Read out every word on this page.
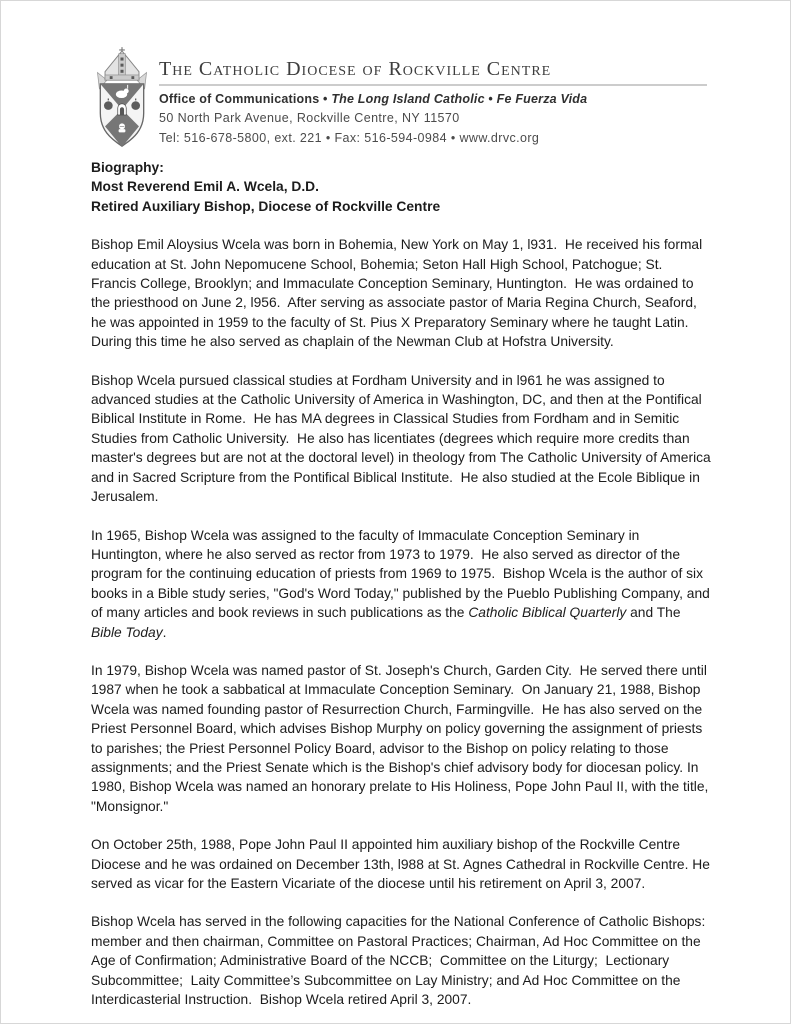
The Catholic Diocese of Rockville Centre
Office of Communications • The Long Island Catholic • Fe Fuerza Vida
50 North Park Avenue, Rockville Centre, NY 11570
Tel: 516-678-5800, ext. 221 • Fax: 516-594-0984 • www.drvc.org

Biography:

Most Reverend Emil A. Wcela, D.D.

Retired Auxiliary Bishop, Diocese of Rockville Centre

Bishop Emil Aloysius Wcela was born in Bohemia, New York on May 1, l931.  He received his formal education at St. John Nepomucene School, Bohemia; Seton Hall High School, Patchogue; St. Francis College, Brooklyn; and Immaculate Conception Seminary, Huntington.  He was ordained to the priesthood on June 2, l956.  After serving as associate pastor of Maria Regina Church, Seaford, he was appointed in 1959 to the faculty of St. Pius X Preparatory Seminary where he taught Latin.  During this time he also served as chaplain of the Newman Club at Hofstra University.

Bishop Wcela pursued classical studies at Fordham University and in l961 he was assigned to advanced studies at the Catholic University of America in Washington, DC, and then at the Pontifical Biblical Institute in Rome.  He has MA degrees in Classical Studies from Fordham and in Semitic Studies from Catholic University.  He also has licentiates (degrees which require more credits than master's degrees but are not at the doctoral level) in theology from The Catholic University of America and in Sacred Scripture from the Pontifical Biblical Institute.  He also studied at the Ecole Biblique in Jerusalem.

In 1965, Bishop Wcela was assigned to the faculty of Immaculate Conception Seminary in Huntington, where he also served as rector from 1973 to 1979.  He also served as director of the program for the continuing education of priests from 1969 to 1975.  Bishop Wcela is the author of six books in a Bible study series, "God's Word Today," published by the Pueblo Publishing Company, and of many articles and book reviews in such publications as the Catholic Biblical Quarterly and The Bible Today.

In 1979, Bishop Wcela was named pastor of St. Joseph's Church, Garden City.  He served there until 1987 when he took a sabbatical at Immaculate Conception Seminary.  On January 21, 1988, Bishop Wcela was named founding pastor of Resurrection Church, Farmingville.  He has also served on the Priest Personnel Board, which advises Bishop Murphy on policy governing the assignment of priests to parishes; the Priest Personnel Policy Board, advisor to the Bishop on policy relating to those assignments; and the Priest Senate which is the Bishop's chief advisory body for diocesan policy. In 1980, Bishop Wcela was named an honorary prelate to His Holiness, Pope John Paul II, with the title, "Monsignor."

On October 25th, 1988, Pope John Paul II appointed him auxiliary bishop of the Rockville Centre Diocese and he was ordained on December 13th, l988 at St. Agnes Cathedral in Rockville Centre. He served as vicar for the Eastern Vicariate of the diocese until his retirement on April 3, 2007.

Bishop Wcela has served in the following capacities for the National Conference of Catholic Bishops: member and then chairman, Committee on Pastoral Practices; Chairman, Ad Hoc Committee on the Age of Confirmation; Administrative Board of the NCCB;  Committee on the Liturgy;  Lectionary Subcommittee;  Laity Committee’s Subcommittee on Lay Ministry; and Ad Hoc Committee on the Interdicasterial Instruction.  Bishop Wcela retired April 3, 2007.
